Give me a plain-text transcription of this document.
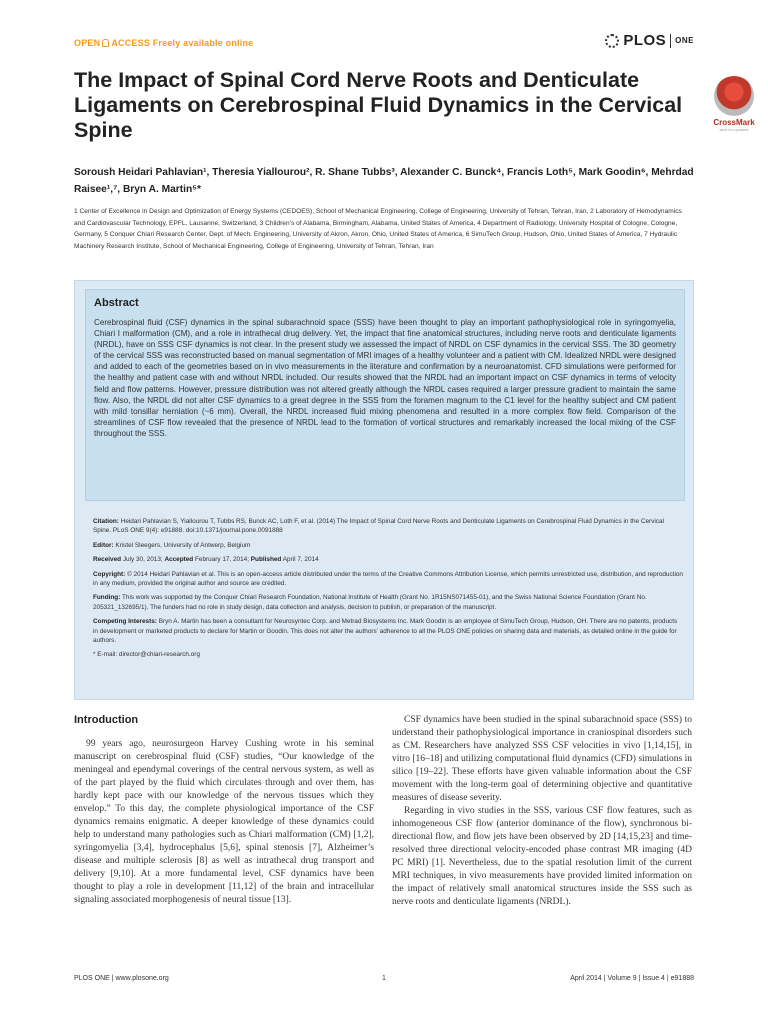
OPEN ACCESS Freely available online	PLOS ONE
The Impact of Spinal Cord Nerve Roots and Denticulate Ligaments on Cerebrospinal Fluid Dynamics in the Cervical Spine	CrossMark
click for updates
Soroush Heidari Pahlavian¹, Theresia Yiallourou², R. Shane Tubbs³, Alexander C. Bunck⁴, Francis Loth⁵, Mark Goodin⁶, Mehrdad Raisee¹,⁷, Bryn A. Martin⁵*
1 Center of Excellence in Design and Optimization of Energy Systems (CEDOES), School of Mechanical Engineering, College of Engineering, University of Tehran, Tehran, Iran, 2 Laboratory of Hemodynamics and Cardiovascular Technology, EPFL, Lausanne, Switzerland, 3 Children’s of Alabama, Birmingham, Alabama, United States of America, 4 Department of Radiology, University Hospital of Cologne, Cologne, Germany, 5 Conquer Chiari Research Center, Dept. of Mech. Engineering, University of Akron, Akron, Ohio, United States of America, 6 SimuTech Group, Hudson, Ohio, United States of America, 7 Hydraulic Machinery Research Institute, School of Mechanical Engineering, College of Engineering, University of Tehran, Tehran, Iran
Abstract

Cerebrospinal fluid (CSF) dynamics in the spinal subarachnoid space (SSS) have been thought to play an important pathophysiological role in syringomyelia, Chiari I malformation (CM), and a role in intrathecal drug delivery. Yet, the impact that fine anatomical structures, including nerve roots and denticulate ligaments (NRDL), have on SSS CSF dynamics is not clear. In the present study we assessed the impact of NRDL on CSF dynamics in the cervical SSS. The 3D geometry of the cervical SSS was reconstructed based on manual segmentation of MRI images of a healthy volunteer and a patient with CM. Idealized NRDL were designed and added to each of the geometries based on in vivo measurements in the literature and confirmation by a neuroanatomist. CFD simulations were performed for the healthy and patient case with and without NRDL included. Our results showed that the NRDL had an important impact on CSF dynamics in terms of velocity field and flow patterns. However, pressure distribution was not altered greatly although the NRDL cases required a larger pressure gradient to maintain the same flow. Also, the NRDL did not alter CSF dynamics to a great degree in the SSS from the foramen magnum to the C1 level for the healthy subject and CM patient with mild tonsillar herniation (~6 mm). Overall, the NRDL increased fluid mixing phenomena and resulted in a more complex flow field. Comparison of the streamlines of CSF flow revealed that the presence of NRDL lead to the formation of vortical structures and remarkably increased the local mixing of the CSF throughout the SSS.

Citation: Heidari Pahlavian S, Yiallourou T, Tubbs RS, Bunck AC, Loth F, et al. (2014) The Impact of Spinal Cord Nerve Roots and Denticulate Ligaments on Cerebrospinal Fluid Dynamics in the Cervical Spine. PLoS ONE 9(4): e91888. doi:10.1371/journal.pone.0091888

Editor: Kristel Sleegers, University of Antwerp, Belgium

Received July 30, 2013; Accepted February 17, 2014; Published April 7, 2014

Copyright: © 2014 Heidari Pahlavian et al. This is an open-access article distributed under the terms of the Creative Commons Attribution License, which permits unrestricted use, distribution, and reproduction in any medium, provided the original author and source are credited.

Funding: This work was supported by the Conquer Chiari Research Foundation, National Institute of Health (Grant No. 1R15NS071455-01), and the Swiss National Science Foundation (Grant No. 205321_132695/1). The funders had no role in study design, data collection and analysis, decision to publish, or preparation of the manuscript.

Competing Interests: Bryn A. Martin has been a consultant for Neurosyntec Corp. and Metrad Biosystems Inc. Mark Goodin is an employee of SimuTech Group, Hudson, OH. There are no patents, products in development or marketed products to declare for Martin or Goodin. This does not alter the authors’ adherence to all the PLOS ONE policies on sharing data and materials, as detailed online in the guide for authors.

* E-mail: director@chiari-research.org

Introduction

99 years ago, neurosurgeon Harvey Cushing wrote in his seminal manuscript on cerebrospinal fluid (CSF) studies, “Our knowledge of the meningeal and ependymal coverings of the central nervous system, as well as of the part played by the fluid which circulates through and over them, has hardly kept pace with our knowledge of the nervous tissues which they envelop.” To this day, the complete physiological importance of the CSF dynamics remains enigmatic. A deeper knowledge of these dynamics could help to understand many pathologies such as Chiari malformation (CM) [1,2], syringomyelia [3,4], hydrocephalus [5,6], spinal stenosis [7], Alzheimer’s disease and multiple sclerosis [8] as well as intrathecal drug transport and delivery [9,10]. At a more fundamental level, CSF dynamics have been thought to play a role in development [11,12] of the brain and intracellular signaling associated morphogenesis of neural tissue [13].

CSF dynamics have been studied in the spinal subarachnoid space (SSS) to understand their pathophysiological importance in craniospinal disorders such as CM. Researchers have analyzed SSS CSF velocities in vivo [1,14,15], in vitro [16–18] and utilizing computational fluid dynamics (CFD) simulations in silico [19–22]. These efforts have given valuable information about the CSF movement with the long-term goal of determining objective and quantitative measures of disease severity.

Regarding in vivo studies in the SSS, various CSF flow features, such as inhomogeneous CSF flow (anterior dominance of the flow), synchronous bi-directional flow, and flow jets have been observed by 2D [14,15,23] and time-resolved three directional velocity-encoded phase contrast MR imaging (4D PC MRI) [1]. Nevertheless, due to the spatial resolution limit of the current MRI techniques, in vivo measurements have provided limited information on the impact of relatively small anatomical structures inside the SSS such as nerve roots and denticulate ligaments (NRDL).

PLOS ONE | www.plosone.org	1	April 2014 | Volume 9 | Issue 4 | e91888
